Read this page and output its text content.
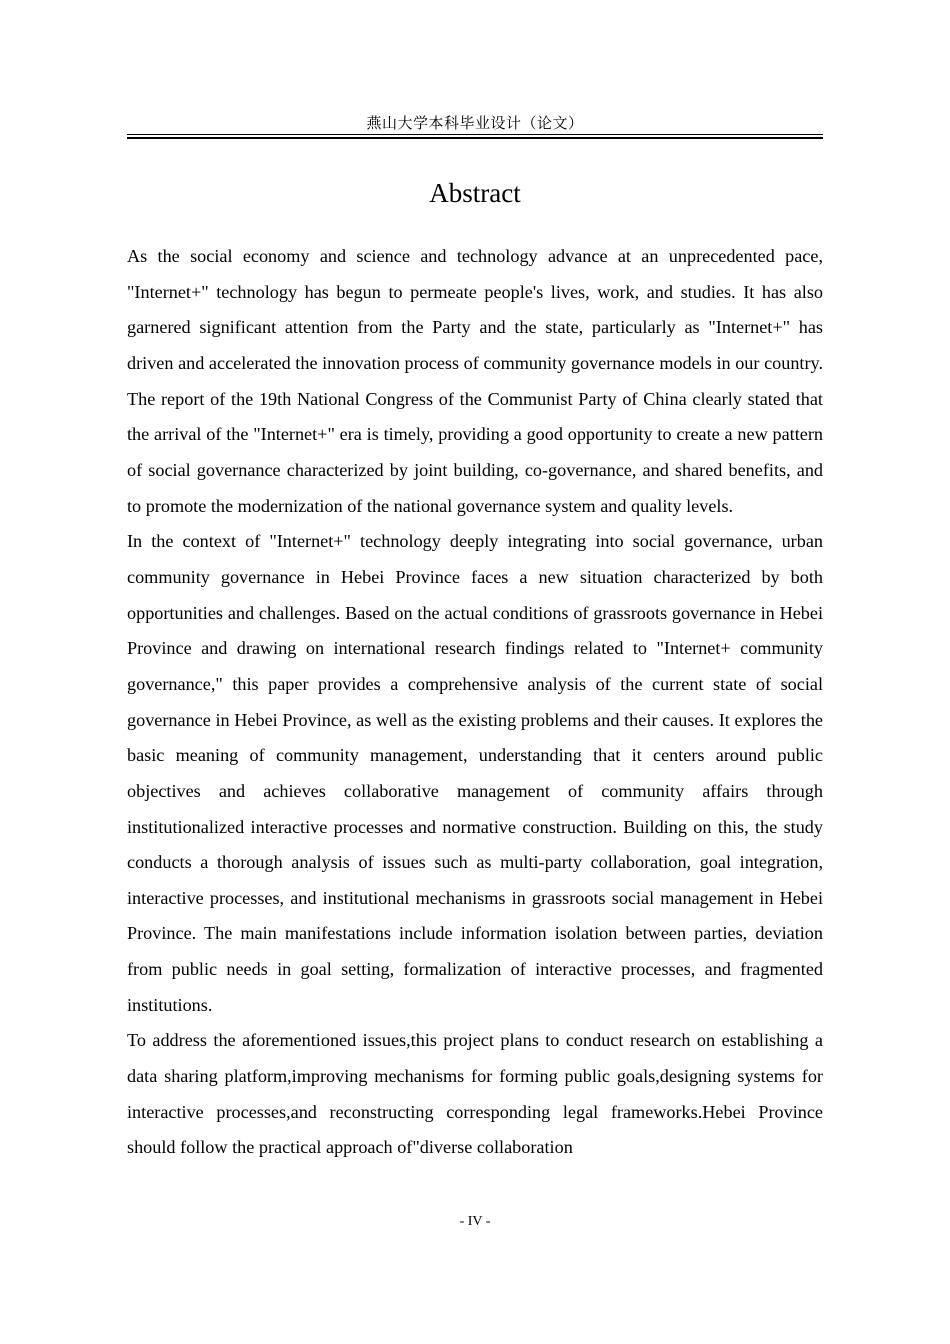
燕山大学本科毕业设计（论文）
Abstract

As the social economy and science and technology advance at an unprecedented pace, "Internet+" technology has begun to permeate people's lives, work, and studies. It has also garnered significant attention from the Party and the state, particularly as "Internet+" has driven and accelerated the innovation process of community governance models in our country. The report of the 19th National Congress of the Communist Party of China clearly stated that the arrival of the "Internet+" era is timely, providing a good opportunity to create a new pattern of social governance characterized by joint building, co-governance, and shared benefits, and to promote the modernization of the national governance system and quality levels.

In the context of "Internet+" technology deeply integrating into social governance, urban community governance in Hebei Province faces a new situation characterized by both opportunities and challenges. Based on the actual conditions of grassroots governance in Hebei Province and drawing on international research findings related to "Internet+ community governance," this paper provides a comprehensive analysis of the current state of social governance in Hebei Province, as well as the existing problems and their causes. It explores the basic meaning of community management, understanding that it centers around public objectives and achieves collaborative management of community affairs through institutionalized interactive processes and normative construction. Building on this, the study conducts a thorough analysis of issues such as multi-party collaboration, goal integration, interactive processes, and institutional mechanisms in grassroots social management in Hebei Province. The main manifestations include information isolation between parties, deviation from public needs in goal setting, formalization of interactive processes, and fragmented institutions.

To address the aforementioned issues,this project plans to conduct research on establishing a data sharing platform,improving mechanisms for forming public goals,designing systems for interactive processes,and reconstructing corresponding legal frameworks.Hebei Province should follow the practical approach of"diverse collaboration

- IV -
